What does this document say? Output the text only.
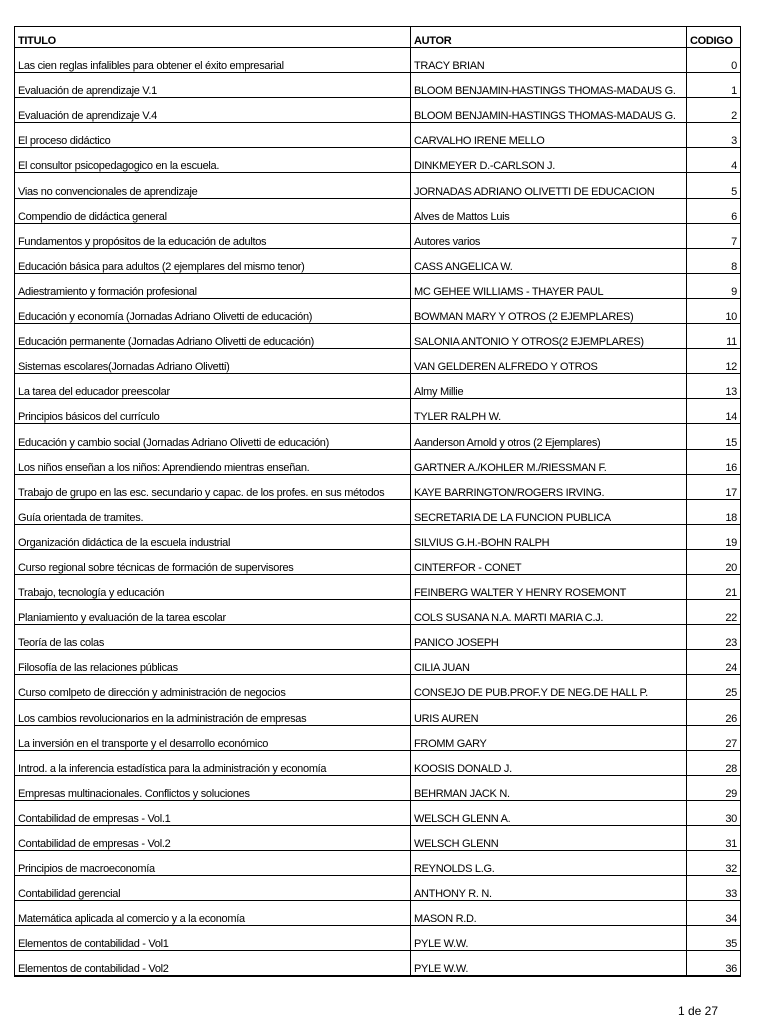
TITULO	AUTOR	CODIGO
Las cien reglas infalibles para obtener el éxito empresarial	TRACY BRIAN	0
Evaluación de aprendizaje V.1	BLOOM BENJAMIN-HASTINGS THOMAS-MADAUS G.	1
Evaluación de aprendizaje V.4	BLOOM BENJAMIN-HASTINGS THOMAS-MADAUS G.	2
El proceso didáctico	CARVALHO IRENE MELLO	3
El consultor psicopedagogico en la escuela.	DINKMEYER D.-CARLSON J.	4
Vias no convencionales de aprendizaje	JORNADAS ADRIANO OLIVETTI DE EDUCACION	5
Compendio de didáctica general	Alves de Mattos Luis	6
Fundamentos y propósitos de la educación de adultos	Autores varios	7
Educación básica para adultos (2 ejemplares del mismo tenor)	CASS ANGELICA W.	8
Adiestramiento y formación profesional	MC GEHEE WILLIAMS - THAYER PAUL	9
Educación y economía (Jornadas Adriano Olivetti de educación)	BOWMAN MARY Y OTROS (2 EJEMPLARES)	10
Educación permanente (Jornadas Adriano Olivetti de educación)	SALONIA ANTONIO Y OTROS(2 EJEMPLARES)	11
Sistemas escolares(Jornadas Adriano Olivetti)	VAN GELDEREN ALFREDO Y OTROS	12
La tarea del educador preescolar	Almy Millie	13
Principios básicos del currículo	TYLER RALPH W.	14
Educación y cambio social (Jornadas Adriano Olivetti de educación)	Aanderson Arnold y otros (2 Ejemplares)	15
Los niños enseñan a los niños: Aprendiendo mientras enseñan.	GARTNER A./KOHLER M./RIESSMAN F.	16
Trabajo de grupo en las esc. secundario y capac. de los profes. en sus métodos	KAYE BARRINGTON/ROGERS IRVING.	17
Guía orientada de tramites.	SECRETARIA DE LA FUNCION PUBLICA	18
Organización didáctica de la escuela industrial	SILVIUS G.H.-BOHN RALPH	19
Curso regional sobre técnicas de formación de supervisores	CINTERFOR - CONET	20
Trabajo, tecnología y educación	FEINBERG WALTER Y HENRY ROSEMONT	21
Planiamiento y evaluación de la tarea escolar	COLS SUSANA N.A. MARTI MARIA C.J.	22
Teoría de las colas	PANICO JOSEPH	23
Filosofía de las relaciones públicas	CILIA JUAN	24
Curso comlpeto de dirección y administración de negocios	CONSEJO DE PUB.PROF.Y DE NEG.DE HALL P.	25
Los cambios revolucionarios en la administración de empresas	URIS AUREN	26
La inversión en el transporte y el desarrollo económico	FROMM GARY	27
Introd. a la inferencia estadística para la administración y economía	KOOSIS DONALD J.	28
Empresas multinacionales. Conflictos y soluciones	BEHRMAN JACK N.	29
Contabilidad de empresas - Vol.1	WELSCH GLENN A.	30
Contabilidad de empresas - Vol.2	WELSCH GLENN	31
Principios de macroeconomía	REYNOLDS L.G.	32
Contabilidad gerencial	ANTHONY R. N.	33
Matemática aplicada al comercio y a la economía	MASON R.D.	34
Elementos de contabilidad - Vol1	PYLE W.W.	35
Elementos de contabilidad - Vol2	PYLE W.W.	36
1 de 27
